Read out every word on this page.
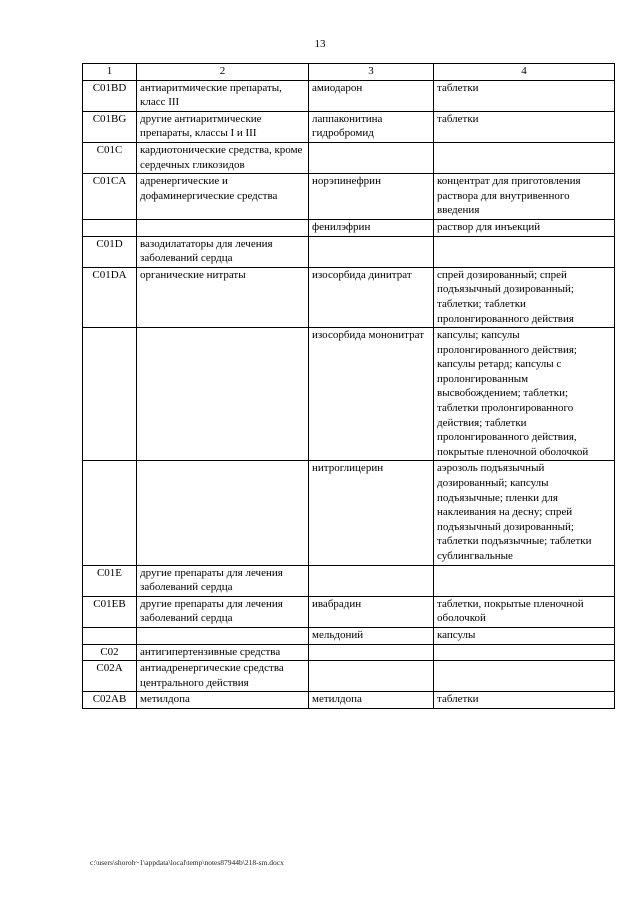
13
1	2	3	4
C01BD	антиаритмические препараты, класс III	амиодарон	таблетки
C01BG	другие антиаритмические препараты, классы I и III	лаппаконитина гидробромид	таблетки
C01C	кардиотонические средства, кроме сердечных гликозидов		
C01CA	адренергические и дофаминергические средства	норэпинефрин	концентрат для приготовления раствора для внутривенного введения
		фенилэфрин	раствор для инъекций
C01D	вазодилататоры для лечения заболеваний сердца		
C01DA	органические нитраты	изосорбида динитрат	спрей дозированный; спрей подъязычный дозированный; таблетки; таблетки пролонгированного действия
		изосорбида мононитрат	капсулы; капсулы пролонгированного действия; капсулы ретард; капсулы с пролонгированным высвобождением; таблетки; таблетки пролонгированного действия; таблетки пролонгированного действия, покрытые пленочной оболочкой
		нитроглицерин	аэрозоль подъязычный дозированный; капсулы подъязычные; пленки для наклеивания на десну; спрей подъязычный дозированный; таблетки подъязычные; таблетки сублингвальные
C01E	другие препараты для лечения заболеваний сердца		
C01EB	другие препараты для лечения заболеваний сердца	ивабрадин	таблетки, покрытые пленочной оболочкой
		мельдоний	капсулы
C02	антигипертензивные средства		
C02A	антиадренергические средства центрального действия		
C02AB	метилдопа	метилдопа	таблетки
c:\users\shoroh~1\appdata\local\temp\notes87944b\218-sm.docx
